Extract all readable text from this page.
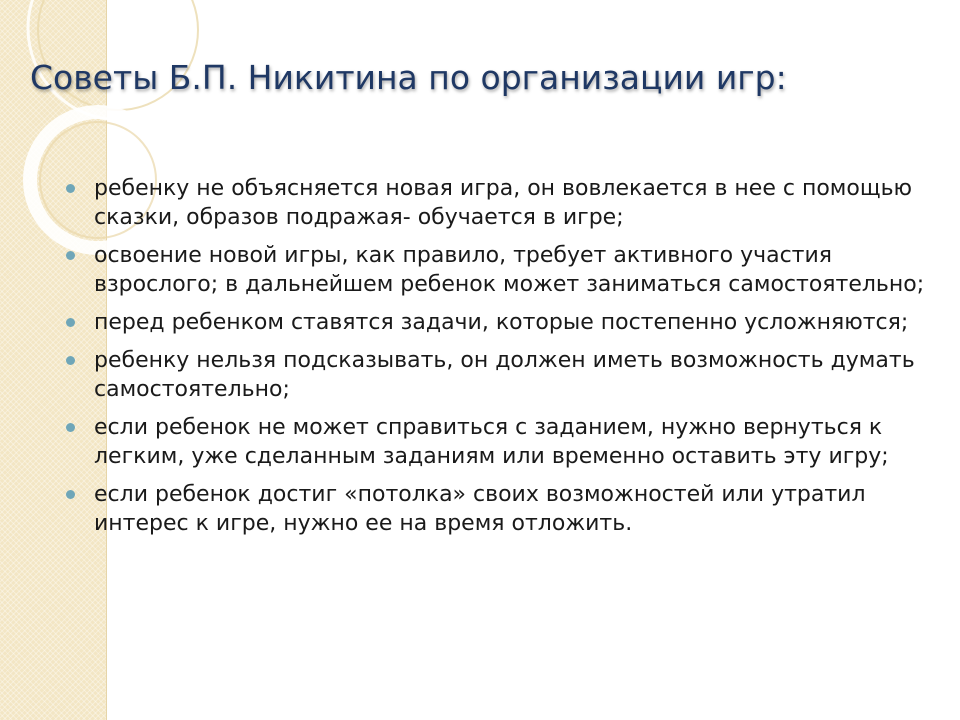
Советы Б.П. Никитина по организации игр:
ребенку не объясняется новая игра, он вовлекается в нее с помощью сказки, образов подражая- обучается в игре;
освоение новой игры, как правило, требует активного участия взрослого; в дальнейшем ребенок может заниматься самостоятельно;
перед ребенком ставятся задачи, которые постепенно усложняются;
ребенку нельзя подсказывать, он должен иметь возможность думать самостоятельно;
если ребенок не может справиться с заданием, нужно вернуться к легким, уже сделанным заданиям или временно оставить эту игру;
если ребенок достиг «потолка» своих возможностей или утратил интерес к игре, нужно ее на время отложить.
